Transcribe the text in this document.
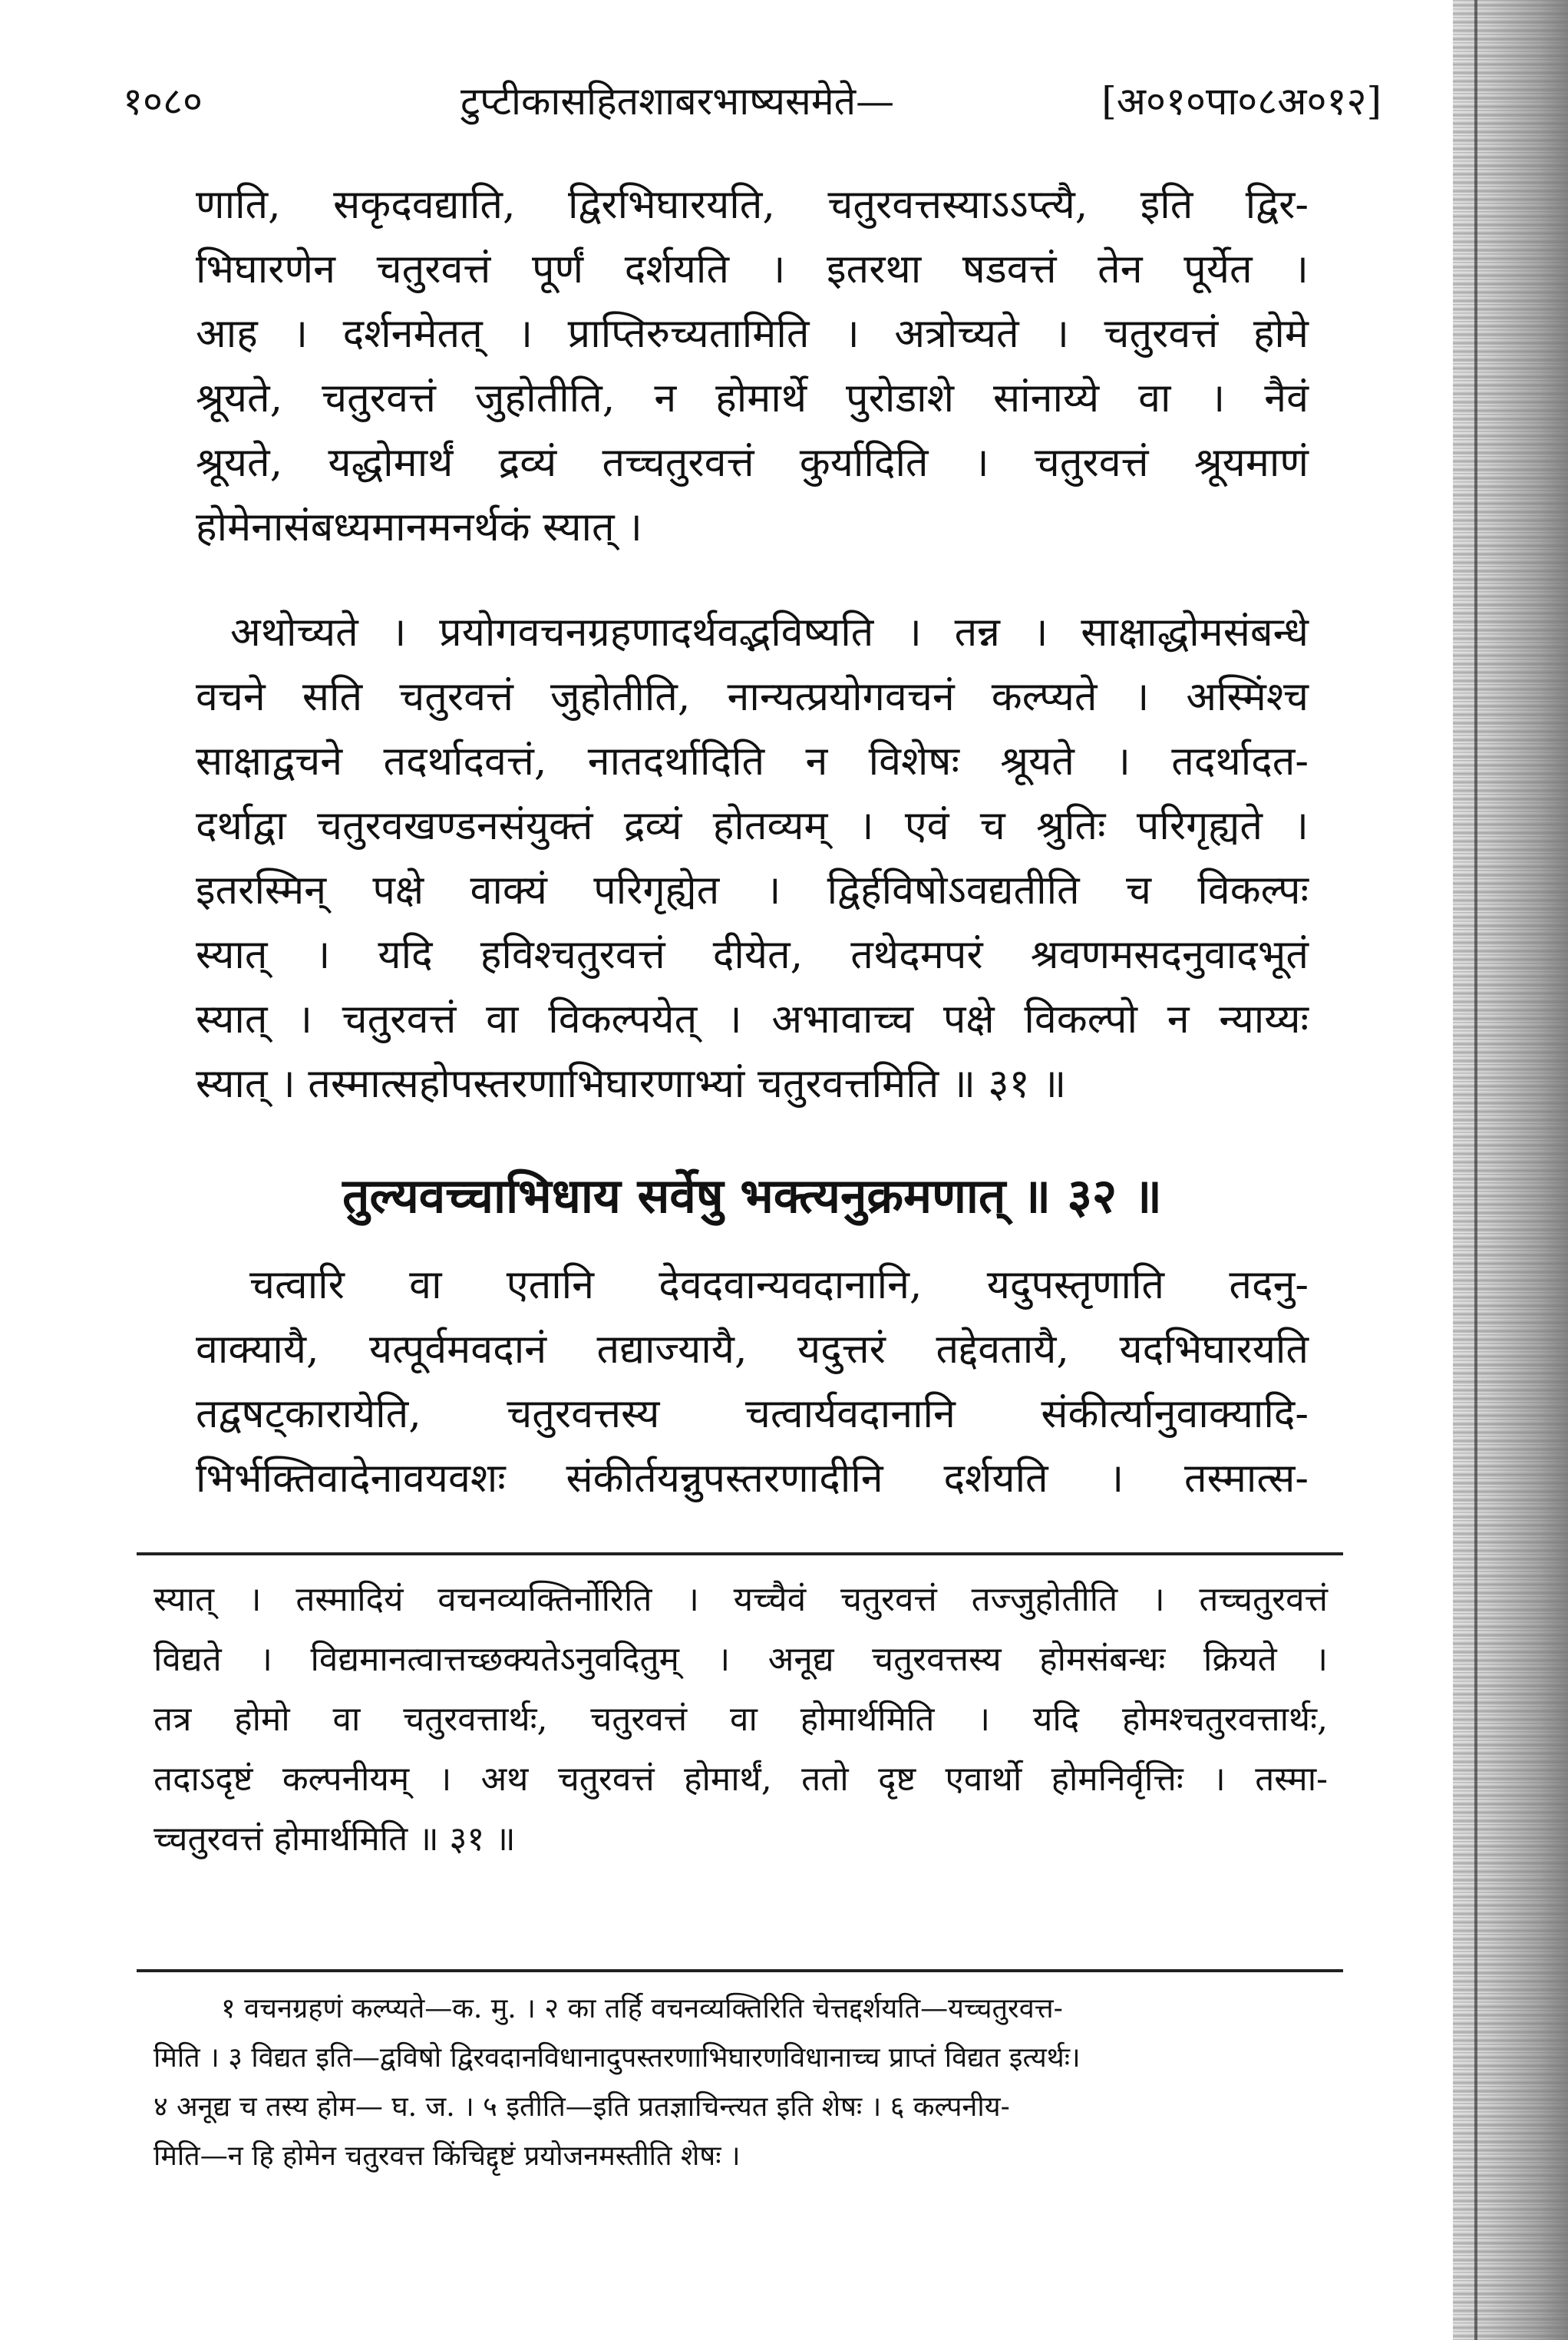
१०८०	टुप्टीकासहितशाबरभाष्यसमेते—	[अ०१०पा०८अ०१२]
णाति, सकृदवद्याति, द्विरभिघारयति, चतुरवत्तस्याऽऽप्त्यै, इति द्विर-
भिघारणेन चतुरवत्तं पूर्णं दर्शयति । इतरथा षडवत्तं तेन पूर्येत ।
आह । दर्शनमेतत् । प्राप्तिरुच्यतामिति । अत्रोच्यते । चतुरवत्तं होमे
श्रूयते, चतुरवत्तं जुहोतीति, न होमार्थे पुरोडाशे सांनाय्ये वा । नैवं
श्रूयते, यद्धोमार्थं द्रव्यं तच्चतुरवत्तं कुर्यादिति । चतुरवत्तं श्रूयमाणं
होमेनासंबध्यमानमनर्थकं स्यात् ।
अथोच्यते । प्रयोगवचनग्रहणादर्थवद्भविष्यति । तन्न । साक्षाद्धोमसंबन्धे
वचने सति चतुरवत्तं जुहोतीति, नान्यत्प्रयोगवचनं कल्प्यते । अस्मिंश्च
साक्षाद्वचने तदर्थादवत्तं, नातदर्थादिति न विशेषः श्रूयते । तदर्थादत-
दर्थाद्वा चतुरवखण्डनसंयुक्तं द्रव्यं होतव्यम् । एवं च श्रुतिः परिगृह्यते ।
इतरस्मिन् पक्षे वाक्यं परिगृह्येत । द्विर्हविषोऽवद्यतीति च विकल्पः
स्यात् । यदि हविश्चतुरवत्तं दीयेत, तथेदमपरं श्रवणमसदनुवादभूतं
स्यात् । चतुरवत्तं वा विकल्पयेत् । अभावाच्च पक्षे विकल्पो न न्याय्यः
स्यात् । तस्मात्सहोपस्तरणाभिघारणाभ्यां चतुरवत्तमिति ॥ ३१ ॥
तुल्यवच्चाभिधाय सर्वेषु भक्त्यनुक्रमणात् ॥ ३२ ॥
चत्वारि वा एतानि देवदवान्यवदानानि, यदुपस्तृणाति तदनु-
वाक्यायै, यत्पूर्वमवदानं तद्याज्यायै, यदुत्तरं तद्देवतायै, यदभिघारयति
तद्वषट्कारायेति, चतुरवत्तस्य चत्वार्यवदानानि संकीर्त्यानुवाक्यादि-
भिर्भक्तिवादेनावयवशः संकीर्तयन्नुपस्तरणादीनि दर्शयति । तस्मात्स-
स्यात् । तस्मादियं वचनव्यक्तिर्नोरिति । यच्चैवं चतुरवत्तं तज्जुहोतीति । तच्चतुरवत्तं
विद्यते । विद्यमानत्वात्तच्छक्यतेऽनुवदितुम् । अनूद्य चतुरवत्तस्य होमसंबन्धः क्रियते ।
तत्र होमो वा चतुरवत्तार्थः, चतुरवत्तं वा होमार्थमिति । यदि होमश्चतुरवत्तार्थः,
तदाऽदृष्टं कल्पनीयम् । अथ चतुरवत्तं होमार्थं, ततो दृष्ट एवार्थो होमनिर्वृत्तिः । तस्मा-
च्चतुरवत्तं होमार्थमिति ॥ ३१ ॥
१ वचनग्रहणं कल्प्यते—क. मु. । २ का तर्हि वचनव्यक्तिरिति चेत्तद्दर्शयति—यच्चतुरवत्त-
मिति । ३ विद्यत इति—द्वविषो द्विरवदानविधानादुपस्तरणाभिघारणविधानाच्च प्राप्तं विद्यत इत्यर्थः।
४ अनूद्य च तस्य होम— घ. ज. । ५ इतीति—इति प्रतज्ञाचिन्त्यत इति शेषः । ६ कल्पनीय-
मिति—न हि होमेन चतुरवत्त किंचिद्दृष्टं प्रयोजनमस्तीति शेषः ।
